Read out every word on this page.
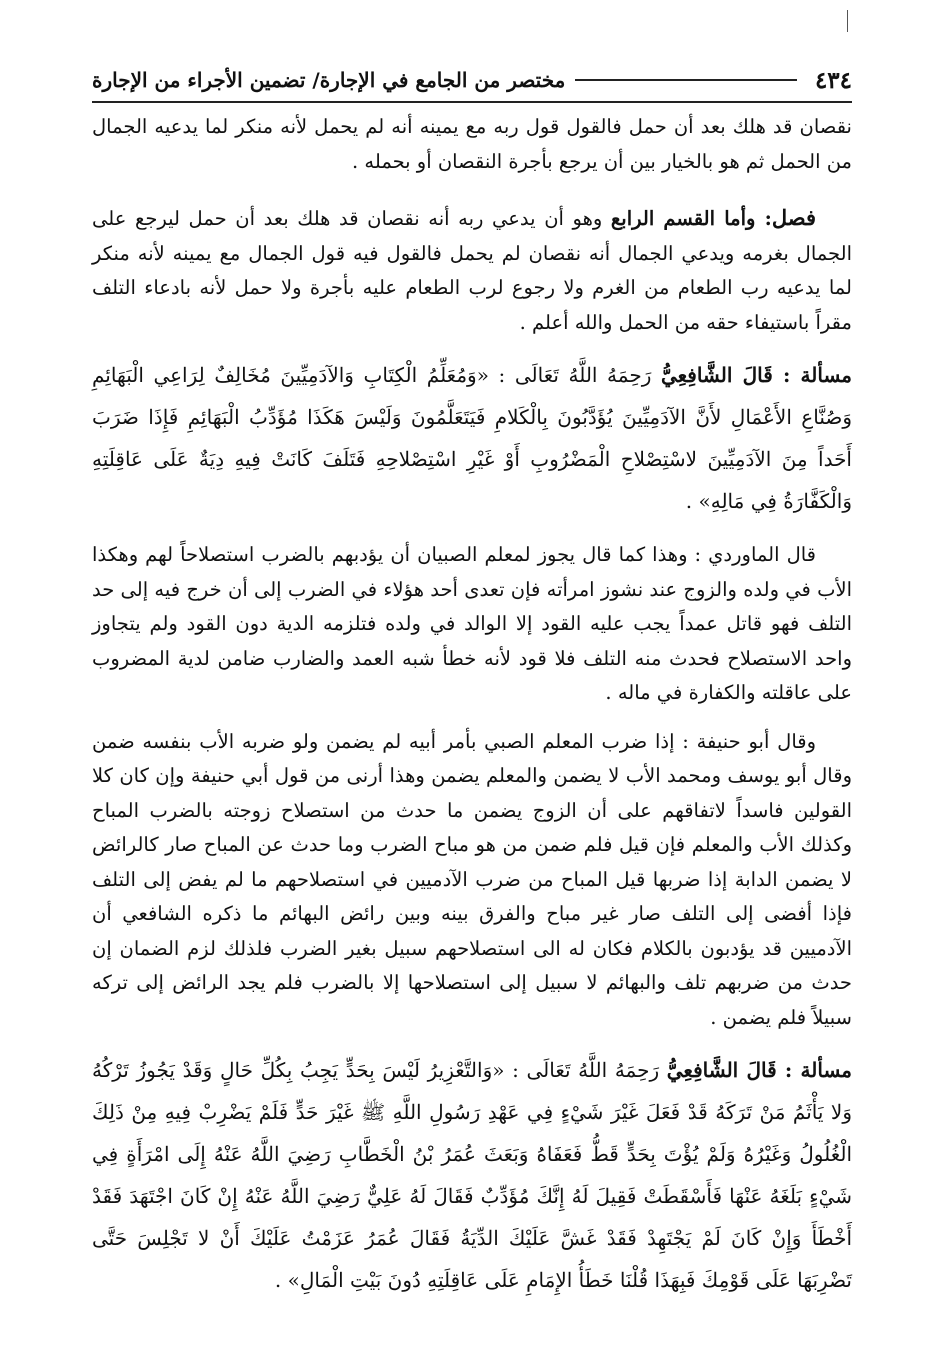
٤٣٤
مختصر من الجامع في الإجارة/ تضمين الأجراء من الإجارة

نقصان قد هلك بعد أن حمل فالقول قول ربه مع يمينه أنه لم يحمل لأنه منكر لما يدعيه الجمال من الحمل ثم هو بالخيار بين أن يرجع بأجرة النقصان أو بحمله .

فصل: وأما القسم الرابع وهو أن يدعي ربه أنه نقصان قد هلك بعد أن حمل ليرجع على الجمال بغرمه ويدعي الجمال أنه نقصان لم يحمل فالقول فيه قول الجمال مع يمينه لأنه منكر لما يدعيه رب الطعام من الغرم ولا رجوع لرب الطعام عليه بأجرة ولا حمل لأنه بادعاء التلف مقراً باستيفاء حقه من الحمل والله أعلم .

مسألة : قَالَ الشَّافِعِيُّ رَحِمَهُ اللَّهُ تَعَالَى : «وَمُعَلِّمُ الْكِتَابِ وَالآدَمِيِّينَ مُخَالِفٌ لِرَاعِي الْبَهَائِمِ وَصُنَّاعِ الأَعْمَالِ لأَنَّ الآدَمِيِّينَ يُؤَدَّبُونَ بِالْكَلامِ فَيَتَعَلَّمُونَ وَلَيْسَ هَكَذَا مُؤَدِّبُ الْبَهَائِمِ فَإِذَا ضَرَبَ أَحَداً مِنَ الآدَمِيِّينَ لاسْتِصْلاحِ الْمَضْرُوبِ أَوْ غَيْرِ اسْتِصْلاحِهِ فَتَلَفَ كَانَتْ فِيهِ دِيَةٌ عَلَى عَاقِلَتِهِ وَالْكَفَّارَةُ فِي مَالِهِ» .

قال الماوردي : وهذا كما قال يجوز لمعلم الصبيان أن يؤدبهم بالضرب استصلاحاً لهم وهكذا الأب في ولده والزوج عند نشوز امرأته فإن تعدى أحد هؤلاء في الضرب إلى أن خرج فيه إلى حد التلف فهو قاتل عمداً يجب عليه القود إلا الوالد في ولده فتلزمه الدية دون القود ولم يتجاوز واحد الاستصلاح فحدث منه التلف فلا قود لأنه خطأ شبه العمد والضارب ضامن لدية المضروب على عاقلته والكفارة في ماله .

وقال أبو حنيفة : إذا ضرب المعلم الصبي بأمر أبيه لم يضمن ولو ضربه الأب بنفسه ضمن وقال أبو يوسف ومحمد الأب لا يضمن والمعلم يضمن وهذا أرنى من قول أبي حنيفة وإن كان كلا القولين فاسداً لاتفاقهم على أن الزوج يضمن ما حدث من استصلاح زوجته بالضرب المباح وكذلك الأب والمعلم فإن قيل فلم ضمن من هو مباح الضرب وما حدث عن المباح صار كالرائض لا يضمن الدابة إذا ضربها قيل المباح من ضرب الآدميين في استصلاحهم ما لم يفض إلى التلف فإذا أفضى إلى التلف صار غير مباح والفرق بينه وبين رائض البهائم ما ذكره الشافعي أن الآدميين قد يؤدبون بالكلام فكان له الى استصلاحهم سبيل بغير الضرب فلذلك لزم الضمان إن حدث من ضربهم تلف والبهائم لا سبيل إلى استصلاحها إلا بالضرب فلم يجد الرائض إلى تركه سبيلاً فلم يضمن .

مسألة : قَالَ الشَّافِعِيُّ رَحِمَهُ اللَّهُ تَعَالَى : «وَالتَّعْزِيرُ لَيْسَ بِحَدٍّ يَجِبُ بِكُلِّ حَالٍ وَقَدْ يَجُوزُ تَرْكُهُ وَلا يَأْثَمُ مَنْ تَرَكَهُ قَدْ فَعَلَ غَيْرَ شَيْءٍ فِي عَهْدِ رَسُولِ اللَّهِ ﷺ غَيْرَ حَدٍّ فَلَمْ يَضْرِبْ فِيهِ مِنْ ذَلِكَ الْغُلُولُ وَغَيْرُهُ وَلَمْ يُؤْتَ بِحَدٍّ قَطُّ فَعَفَاهُ وَبَعَثَ عُمَرُ بْنُ الْخَطَّابِ رَضِيَ اللَّهُ عَنْهُ إِلَى امْرَأَةٍ فِي شَيْءٍ بَلَغَهُ عَنْهَا فَأَسْقَطَتْ فَقِيلَ لَهُ إِنَّكَ مُؤَدِّبٌ فَقَالَ لَهُ عَلِيٌّ رَضِيَ اللَّهُ عَنْهُ إِنْ كَانَ اجْتَهَدَ فَقَدْ أَخْطَأَ وَإِنْ كَانَ لَمْ يَجْتَهِدْ فَقَدْ غَشَّ عَلَيْكَ الدِّيَةُ فَقَالَ عُمَرُ عَزَمْتُ عَلَيْكَ أَنْ لا تَجْلِسَ حَتَّى تَضْرِبَهَا عَلَى قَوْمِكَ فَبِهَذَا قُلْنَا خَطَأُ الإِمَامِ عَلَى عَاقِلَتِهِ دُونَ بَيْتِ الْمَالِ» .
